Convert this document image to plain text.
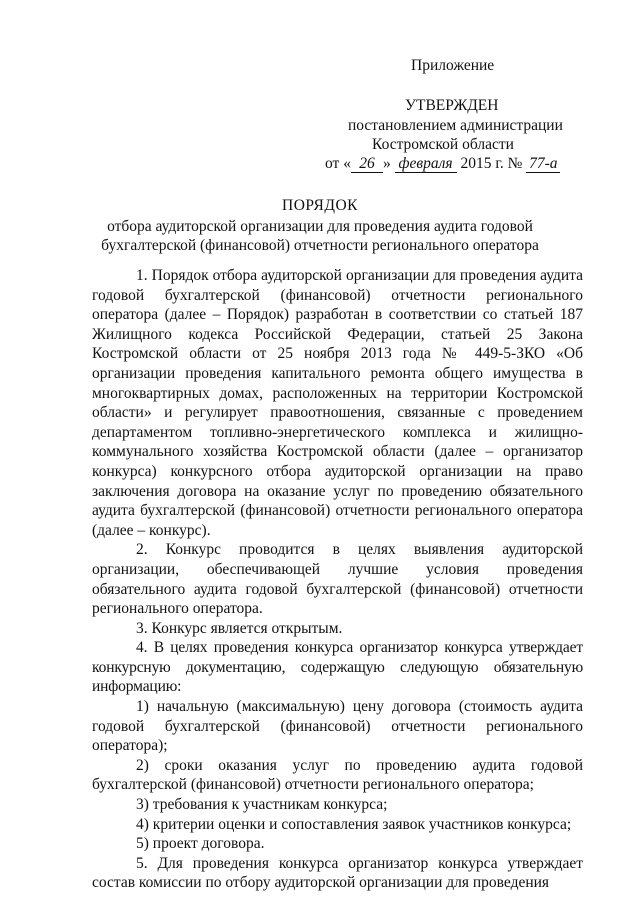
Приложение
УТВЕРЖДЕН
постановлением администрации
Костромской области
от « 26 » февраля 2015 г. № 77-а
ПОРЯДОК
отбора аудиторской организации для проведения аудита годовой
бухгалтерской (финансовой) отчетности регионального оператора

1. Порядок отбора аудиторской организации для проведения аудита годовой бухгалтерской (финансовой) отчетности регионального оператора (далее – Порядок) разработан в соответствии со статьей 187 Жилищного кодекса Российской Федерации, статьей 25 Закона Костромской области от 25 ноября 2013 года № 449-5-ЗКО «Об организации проведения капитального ремонта общего имущества в многоквартирных домах, расположенных на территории Костромской области» и регулирует правоотношения, связанные с проведением департаментом топливно-энергетического комплекса и жилищно-коммунального хозяйства Костромской области (далее – организатор конкурса) конкурсного отбора аудиторской организации на право заключения договора на оказание услуг по проведению обязательного аудита бухгалтерской (финансовой) отчетности регионального оператора (далее – конкурс).

2. Конкурс проводится в целях выявления аудиторской организации, обеспечивающей лучшие условия проведения обязательного аудита годовой бухгалтерской (финансовой) отчетности регионального оператора.

3. Конкурс является открытым.

4. В целях проведения конкурса организатор конкурса утверждает конкурсную документацию, содержащую следующую обязательную информацию:

1) начальную (максимальную) цену договора (стоимость аудита годовой бухгалтерской (финансовой) отчетности регионального оператора);

2) сроки оказания услуг по проведению аудита годовой бухгалтерской (финансовой) отчетности регионального оператора;

3) требования к участникам конкурса;

4) критерии оценки и сопоставления заявок участников конкурса;

5) проект договора.

5. Для проведения конкурса организатор конкурса утверждает состав комиссии по отбору аудиторской организации для проведения
